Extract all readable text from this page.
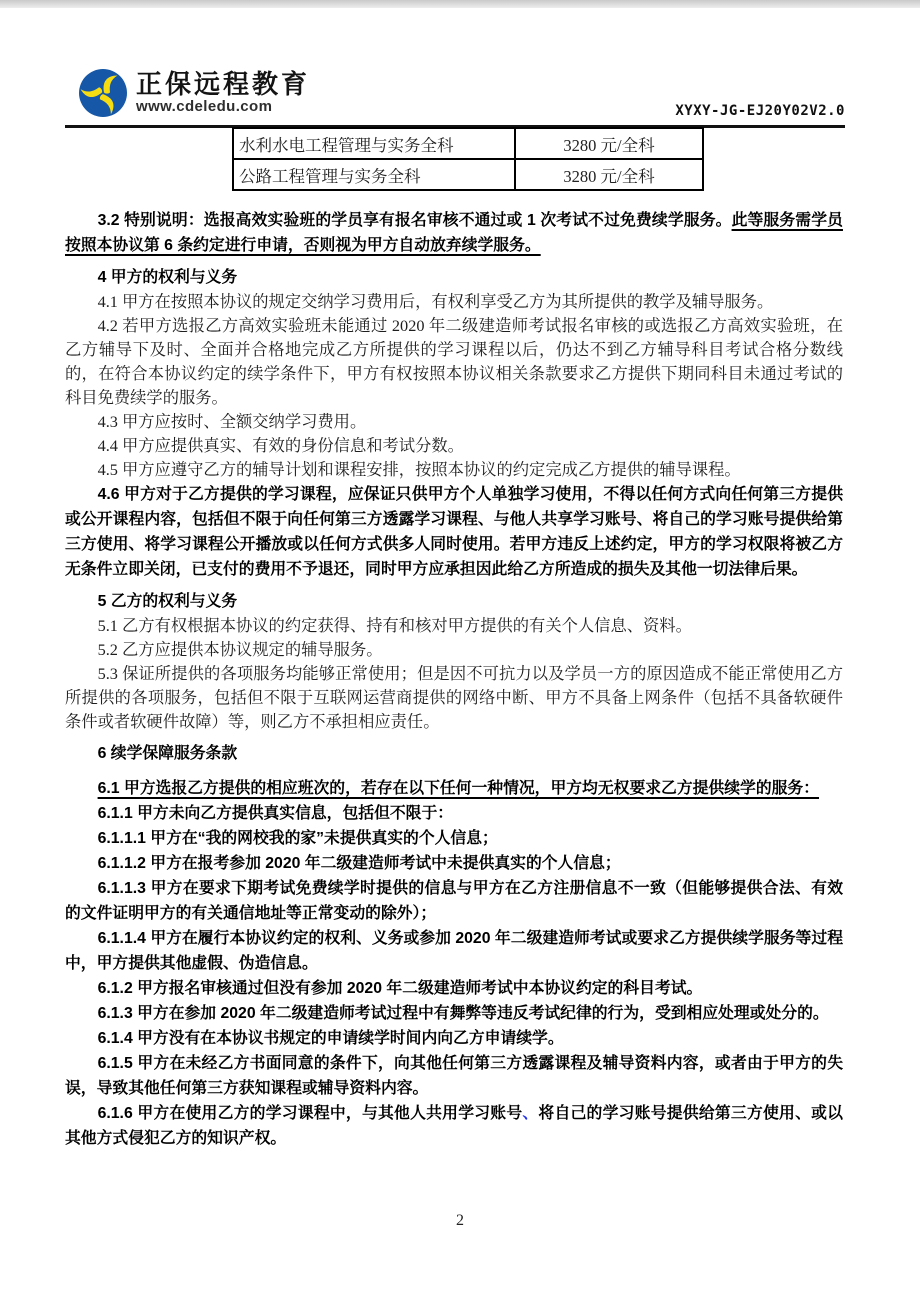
正保远程教育
www.cdeledu.com	XYXY-JG-EJ20Y02V2.0
水利水电工程管理与实务全科	3280 元/全科
公路工程管理与实务全科	3280 元/全科

3.2 特别说明：选报高效实验班的学员享有报名审核不通过或 1 次考试不过免费续学服务。此等服务需学员按照本协议第 6 条约定进行申请，否则视为甲方自动放弃续学服务。

4 甲方的权利与义务

4.1 甲方在按照本协议的规定交纳学习费用后，有权利享受乙方为其所提供的教学及辅导服务。

4.2 若甲方选报乙方高效实验班未能通过 2020 年二级建造师考试报名审核的或选报乙方高效实验班，在乙方辅导下及时、全面并合格地完成乙方所提供的学习课程以后，仍达不到乙方辅导科目考试合格分数线的，在符合本协议约定的续学条件下，甲方有权按照本协议相关条款要求乙方提供下期同科目未通过考试的科目免费续学的服务。

4.3 甲方应按时、全额交纳学习费用。

4.4 甲方应提供真实、有效的身份信息和考试分数。

4.5 甲方应遵守乙方的辅导计划和课程安排，按照本协议的约定完成乙方提供的辅导课程。

4.6 甲方对于乙方提供的学习课程，应保证只供甲方个人单独学习使用，不得以任何方式向任何第三方提供或公开课程内容，包括但不限于向任何第三方透露学习课程、与他人共享学习账号、将自己的学习账号提供给第三方使用、将学习课程公开播放或以任何方式供多人同时使用。若甲方违反上述约定，甲方的学习权限将被乙方无条件立即关闭，已支付的费用不予退还，同时甲方应承担因此给乙方所造成的损失及其他一切法律后果。

5 乙方的权利与义务

5.1 乙方有权根据本协议的约定获得、持有和核对甲方提供的有关个人信息、资料。

5.2 乙方应提供本协议规定的辅导服务。

5.3 保证所提供的各项服务均能够正常使用；但是因不可抗力以及学员一方的原因造成不能正常使用乙方所提供的各项服务，包括但不限于互联网运营商提供的网络中断、甲方不具备上网条件（包括不具备软硬件条件或者软硬件故障）等，则乙方不承担相应责任。

6 续学保障服务条款

6.1 甲方选报乙方提供的相应班次的，若存在以下任何一种情况，甲方均无权要求乙方提供续学的服务：

6.1.1 甲方未向乙方提供真实信息，包括但不限于：

6.1.1.1 甲方在“我的网校我的家”未提供真实的个人信息；

6.1.1.2 甲方在报考参加 2020 年二级建造师考试中未提供真实的个人信息；

6.1.1.3 甲方在要求下期考试免费续学时提供的信息与甲方在乙方注册信息不一致（但能够提供合法、有效的文件证明甲方的有关通信地址等正常变动的除外）；

6.1.1.4 甲方在履行本协议约定的权利、义务或参加 2020 年二级建造师考试或要求乙方提供续学服务等过程中，甲方提供其他虚假、伪造信息。

6.1.2 甲方报名审核通过但没有参加 2020 年二级建造师考试中本协议约定的科目考试。

6.1.3 甲方在参加 2020 年二级建造师考试过程中有舞弊等违反考试纪律的行为，受到相应处理或处分的。

6.1.4 甲方没有在本协议书规定的申请续学时间内向乙方申请续学。

6.1.5 甲方在未经乙方书面同意的条件下，向其他任何第三方透露课程及辅导资料内容，或者由于甲方的失误，导致其他任何第三方获知课程或辅导资料内容。

6.1.6 甲方在使用乙方的学习课程中，与其他人共用学习账号、将自己的学习账号提供给第三方使用、或以其他方式侵犯乙方的知识产权。

2
